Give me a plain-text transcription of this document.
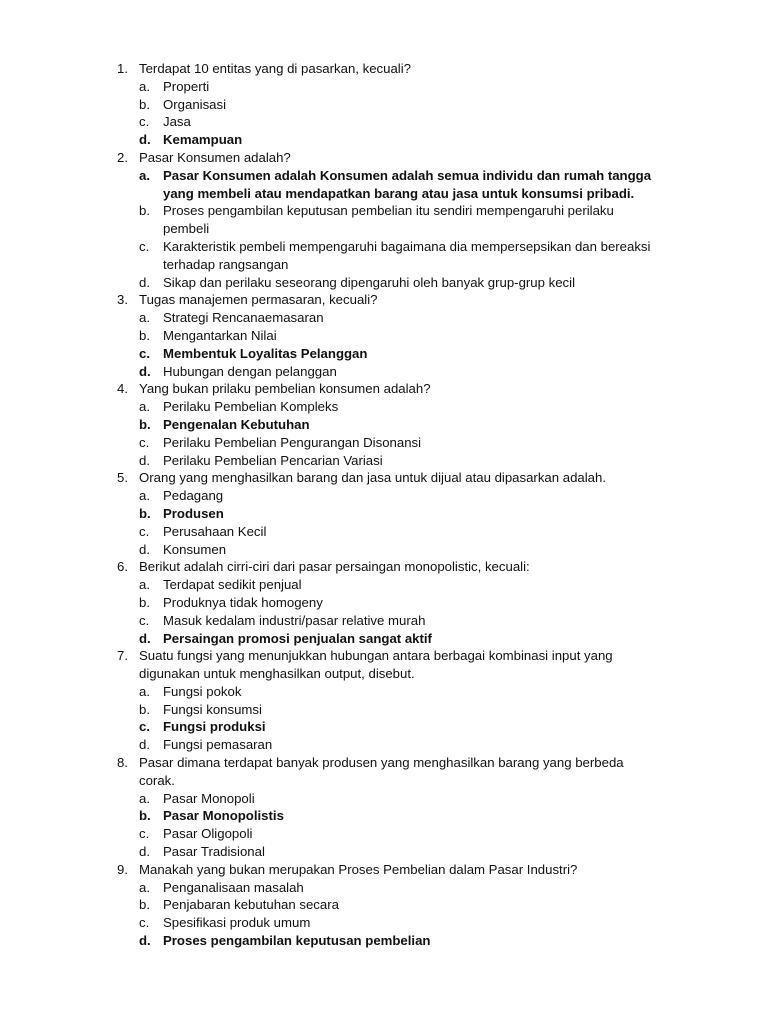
1. Terdapat 10 entitas yang di pasarkan, kecuali?
a. Properti
b. Organisasi
c.	Jasa
d. Kemampuan
2. Pasar Konsumen adalah?
a. Pasar Konsumen adalah Konsumen adalah semua individu dan rumah tangga yang membeli atau mendapatkan barang atau jasa untuk konsumsi pribadi.
b. Proses pengambilan keputusan pembelian itu sendiri mempengaruhi perilaku pembeli
c.	Karakteristik pembeli mempengaruhi bagaimana dia mempersepsikan dan bereaksi terhadap rangsangan
d. Sikap dan perilaku seseorang dipengaruhi oleh banyak grup-grup kecil
3. Tugas manajemen permasaran, kecuali?
a. Strategi Rencanaemasaran
b. Mengantarkan Nilai
c. Membentuk Loyalitas Pelanggan
d. Hubungan dengan pelanggan
4. Yang bukan prilaku pembelian konsumen adalah?
a. Perilaku Pembelian Kompleks
b. Pengenalan Kebutuhan
c.	Perilaku Pembelian Pengurangan Disonansi
d. Perilaku Pembelian Pencarian Variasi
5. Orang yang menghasilkan barang dan jasa untuk dijual atau dipasarkan adalah.
a. Pedagang
b. Produsen
c.	Perusahaan Kecil
d. Konsumen
6. Berikut adalah cirri-ciri dari pasar persaingan monopolistic, kecuali:
a. Terdapat sedikit penjual
b. Produknya tidak homogeny
c.	Masuk kedalam industri/pasar relative murah
d. Persaingan promosi penjualan sangat aktif
7. Suatu fungsi yang menunjukkan hubungan antara berbagai kombinasi input yang digunakan untuk menghasilkan output, disebut.
a. Fungsi pokok
b. Fungsi konsumsi
c. Fungsi produksi
d. Fungsi pemasaran
8. Pasar dimana terdapat banyak produsen yang menghasilkan barang yang berbeda corak.
a. Pasar Monopoli
b. Pasar Monopolistis
c.	Pasar Oligopoli
d. Pasar Tradisional
9. Manakah yang bukan merupakan Proses Pembelian dalam Pasar Industri?
a. Penganalisaan masalah
b. Penjabaran kebutuhan secara
c.	Spesifikasi produk umum
d. Proses pengambilan keputusan pembelian
